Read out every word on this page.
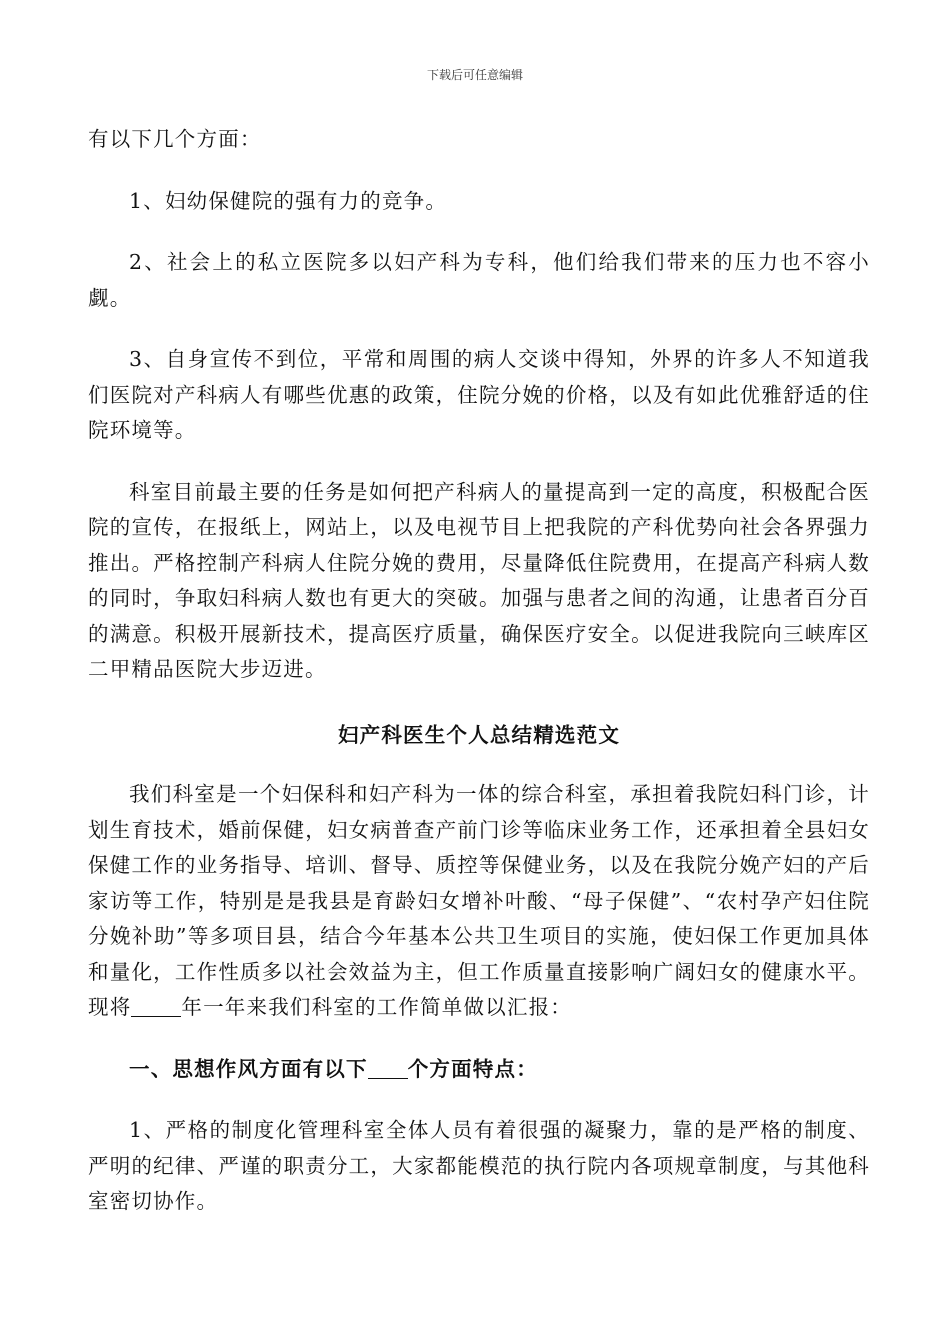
下载后可任意编辑

有以下几个方面：

1、妇幼保健院的强有力的竞争。

2、社会上的私立医院多以妇产科为专科，他们给我们带来的压力也不容小觑。

3、自身宣传不到位，平常和周围的病人交谈中得知，外界的许多人不知道我们医院对产科病人有哪些优惠的政策，住院分娩的价格，以及有如此优雅舒适的住院环境等。

科室目前最主要的任务是如何把产科病人的量提高到一定的高度，积极配合医院的宣传，在报纸上，网站上，以及电视节目上把我院的产科优势向社会各界强力推出。严格控制产科病人住院分娩的费用，尽量降低住院费用，在提高产科病人数的同时，争取妇科病人数也有更大的突破。加强与患者之间的沟通，让患者百分百的满意。积极开展新技术，提高医疗质量，确保医疗安全。以促进我院向三峡库区二甲精品医院大步迈进。

妇产科医生个人总结精选范文

我们科室是一个妇保科和妇产科为一体的综合科室，承担着我院妇科门诊，计划生育技术，婚前保健，妇女病普查产前门诊等临床业务工作，还承担着全县妇女保健工作的业务指导、培训、督导、质控等保健业务，以及在我院分娩产妇的产后家访等工作，特别是是我县是育龄妇女增补叶酸、“母子保健”、“农村孕产妇住院分娩补助”等多项目县，结合今年基本公共卫生项目的实施，使妇保工作更加具体和量化，工作性质多以社会效益为主，但工作质量直接影响广阔妇女的健康水平。现将 年一年来我们科室的工作简单做以汇报：

一、思想作风方面有以下 个方面特点：

1、严格的制度化管理科室全体人员有着很强的凝聚力，靠的是严格的制度、严明的纪律、严谨的职责分工，大家都能模范的执行院内各项规章制度，与其他科室密切协作。
